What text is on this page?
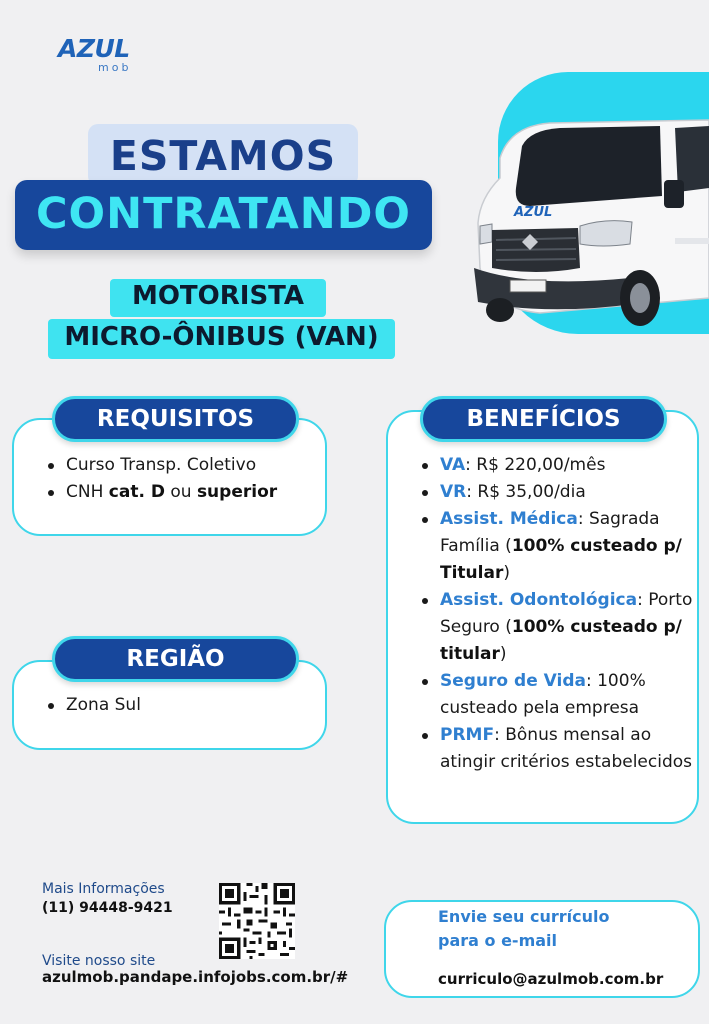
AZUL
mob
ESTAMOS
CONTRATANDO
MOTORISTA
MICRO-ÔNIBUS (VAN)
AZUL
REQUISITOS
Curso Transp. Coletivo
CNH cat. D ou superior
REGIÃO
Zona Sul
BENEFÍCIOS
VA: R$ 220,00/mês
VR: R$ 35,00/dia
Assist. Médica: Sagrada Família (100% custeado p/ Titular)
Assist. Odontológica: Porto Seguro (100% custeado p/ titular)
Seguro de Vida: 100% custeado pela empresa
PRMF: Bônus mensal ao atingir critérios estabelecidos
Mais Informações
(11) 94448-9421
Visite nosso site
azulmob.pandape.infojobs.com.br/#
Envie seu currículo para o e-mail
curriculo@azulmob.com.br
